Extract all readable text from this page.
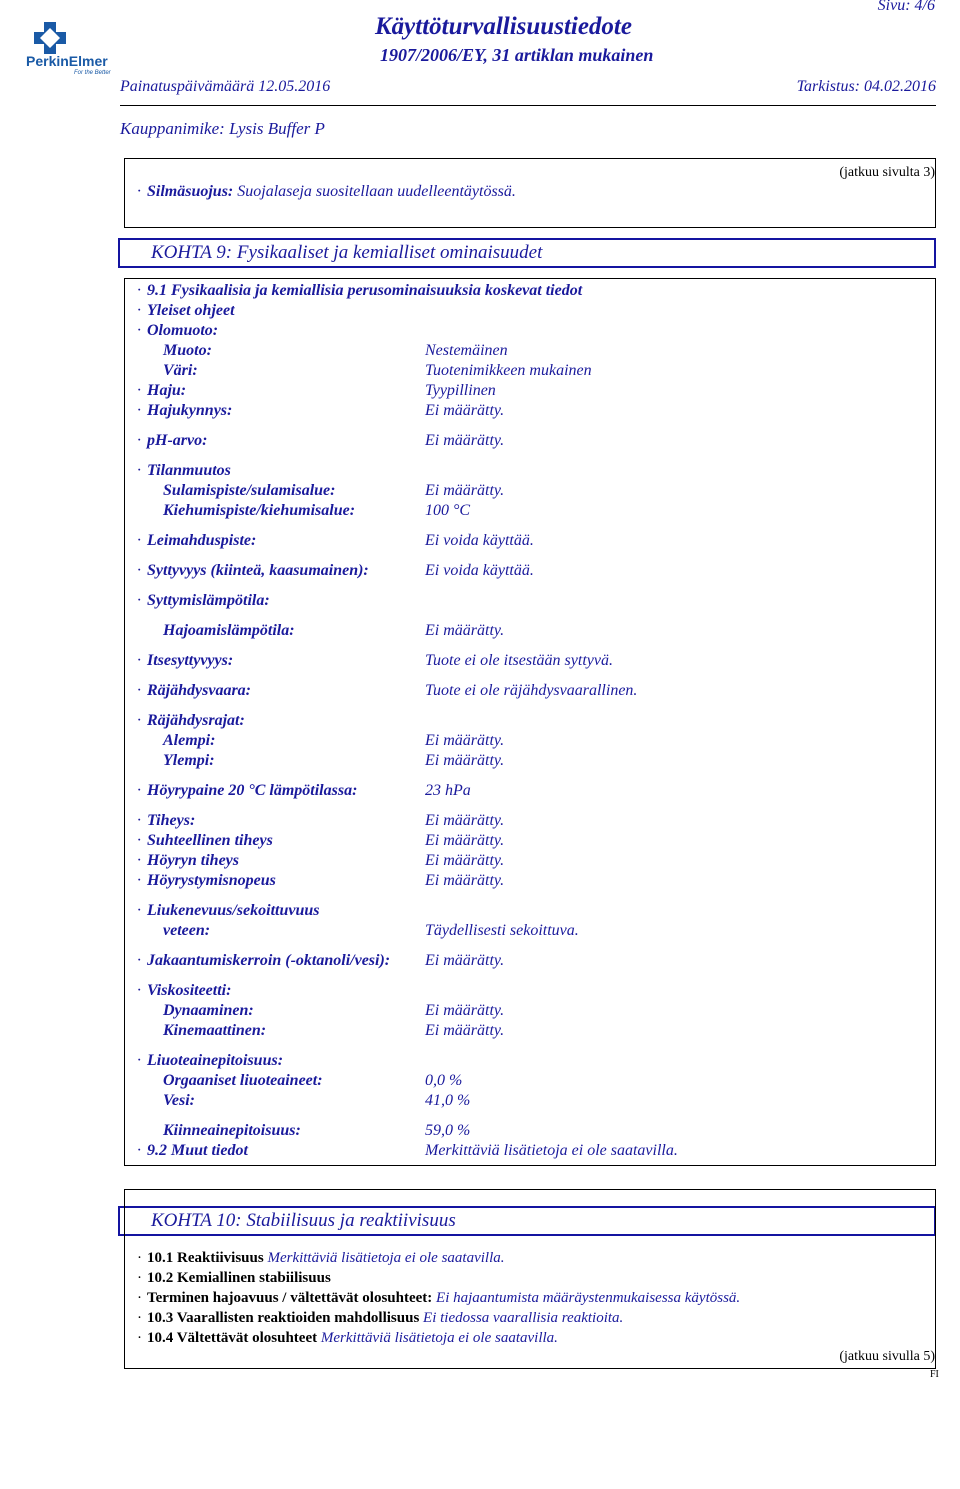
PerkinElmer
For the Better
Sivu: 4/6
Käyttöturvallisuustiedote
1907/2006/EY, 31 artiklan mukainen
Painatuspäivämäärä 12.05.2016	Tarkistus: 04.02.2016
Kauppanimike: Lysis Buffer P
(jatkuu sivulta 3)
· Silmäsuojus: Suojalaseja suositellaan uudelleentäytössä.
KOHTA 9: Fysikaaliset ja kemialliset ominaisuudet
· 9.1 Fysikaalisia ja kemiallisia perusominaisuuksia koskevat tiedot
· Yleiset ohjeet
· Olomuoto:
Muoto:	Nestemäinen
Väri:	Tuotenimikkeen mukainen
· Haju:	Tyypillinen
· Hajukynnys:	Ei määrätty.
· pH-arvo:	Ei määrätty.
· Tilanmuutos
Sulamispiste/sulamisalue:	Ei määrätty.
Kiehumispiste/kiehumisalue:	100 °C
· Leimahduspiste:	Ei voida käyttää.
· Syttyvyys (kiinteä, kaasumainen):	Ei voida käyttää.
· Syttymislämpötila:
Hajoamislämpötila:	Ei määrätty.
· Itsesyttyvyys:	Tuote ei ole itsestään syttyvä.
· Räjähdysvaara:	Tuote ei ole räjähdysvaarallinen.
· Räjähdysrajat:
Alempi:	Ei määrätty.
Ylempi:	Ei määrätty.
· Höyrypaine 20 °C lämpötilassa:	23 hPa
· Tiheys:	Ei määrätty.
· Suhteellinen tiheys	Ei määrätty.
· Höyryn tiheys	Ei määrätty.
· Höyrystymisnopeus	Ei määrätty.
· Liukenevuus/sekoittuvuus
veteen:	Täydellisesti sekoittuva.
· Jakaantumiskerroin (-oktanoli/vesi): Ei määrätty.
· Viskositeetti:
Dynaaminen:	Ei määrätty.
Kinemaattinen:	Ei määrätty.
· Liuoteainepitoisuus:
Orgaaniset liuoteaineet:	0,0 %
Vesi:	41,0 %
Kiinneainepitoisuus:	59,0 %
· 9.2 Muut tiedot	Merkittäviä lisätietoja ei ole saatavilla.
KOHTA 10: Stabiilisuus ja reaktiivisuus
· 10.1 Reaktiivisuus Merkittäviä lisätietoja ei ole saatavilla.
· 10.2 Kemiallinen stabiilisuus
· Terminen hajoavuus / vältettävät olosuhteet: Ei hajaantumista määräystenmukaisessa käytössä.
· 10.3 Vaarallisten reaktioiden mahdollisuus Ei tiedossa vaarallisia reaktioita.
· 10.4 Vältettävät olosuhteet Merkittäviä lisätietoja ei ole saatavilla.
(jatkuu sivulla 5)
FI
